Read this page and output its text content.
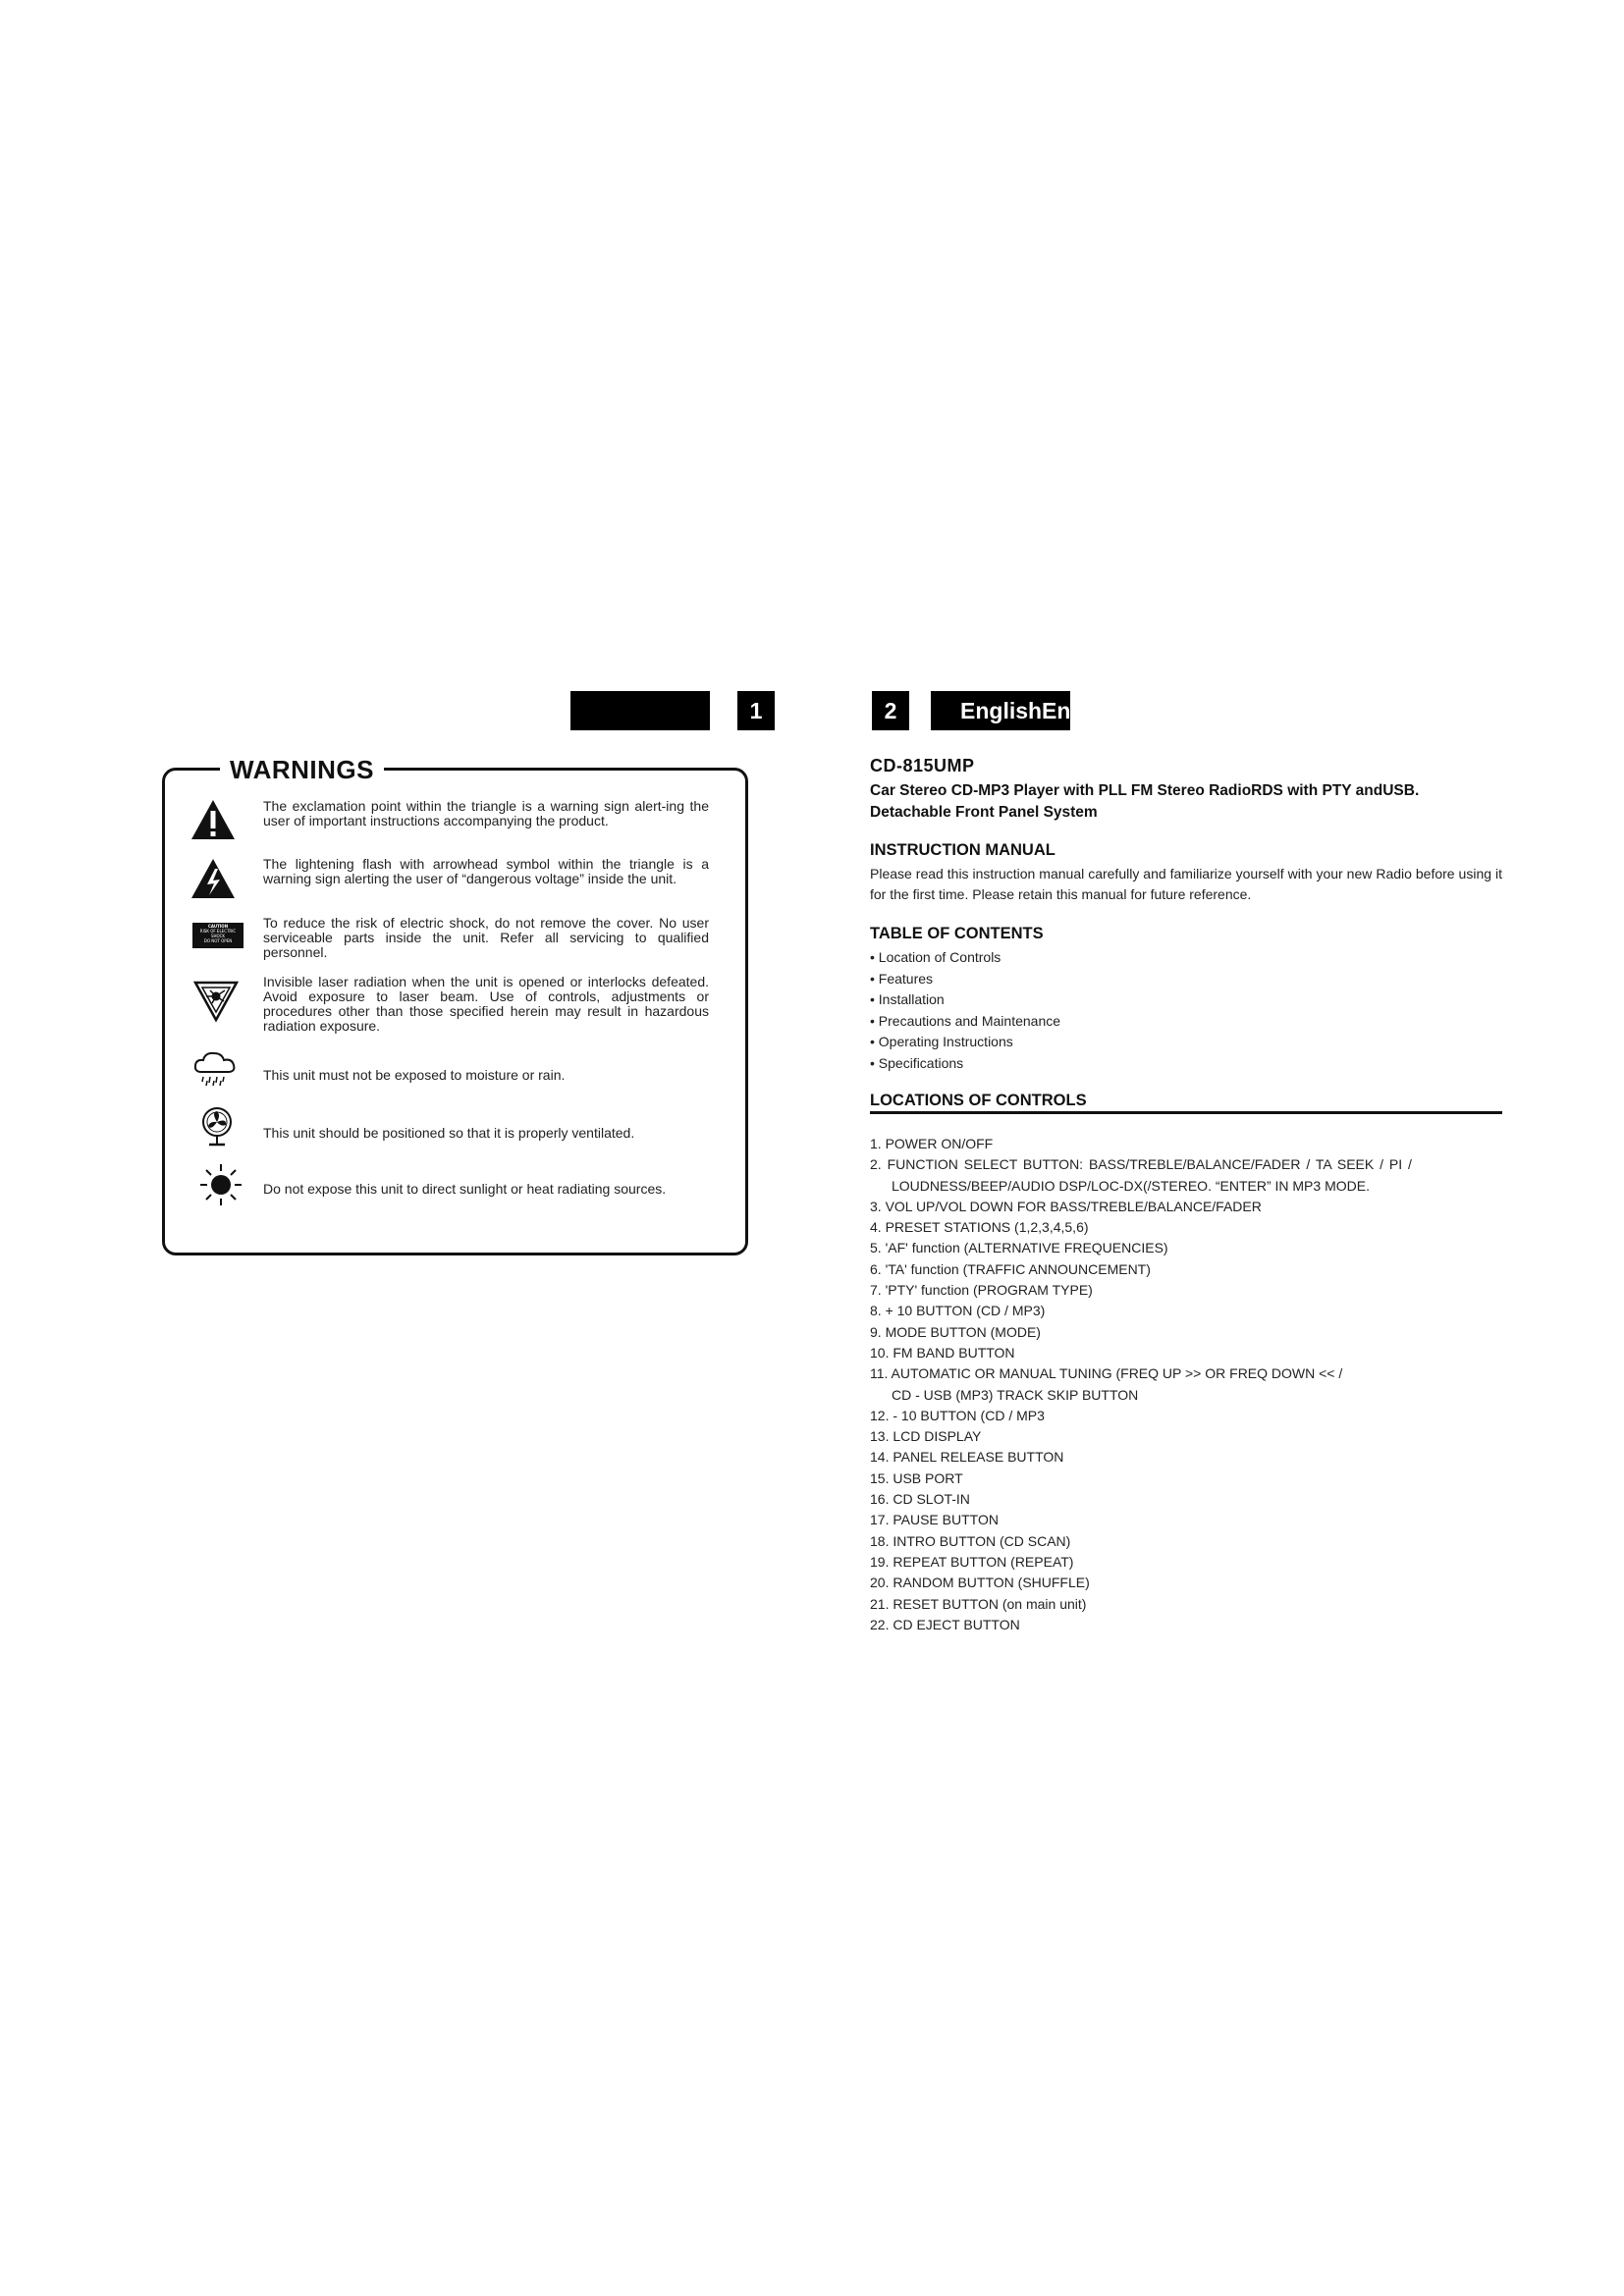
1	2	EnglishEng
WARNINGS
The exclamation point within the triangle is a warning sign alert-ing the user of important instructions accompanying the product.
The lightening flash with arrowhead symbol within the triangle is a warning sign alerting the user of “dangerous voltage” inside the unit.
CAUTION
RISK OF ELECTRIC
SHOCK
DO NOT OPEN
To reduce the risk of electric shock, do not remove the cover. No user serviceable parts inside the unit. Refer all servicing to qualified personnel.
Invisible laser radiation when the unit is opened or interlocks defeated. Avoid exposure to laser beam. Use of controls, adjustments or procedures other than those specified herein may result in hazardous radiation exposure.
This unit must not be exposed to moisture or rain.
This unit should be positioned so that it is properly ventilated.
Do not expose this unit to direct sunlight or heat radiating sources.
CD-815UMP
Car Stereo CD-MP3 Player with PLL FM Stereo RadioRDS with PTY andUSB.
Detachable Front Panel System
INSTRUCTION MANUAL
Please read this instruction manual carefully and familiarize yourself with your new Radio before using it for the first time. Please retain this manual for future reference.
TABLE OF CONTENTS
• Location of Controls
• Features
• Installation
• Precautions and Maintenance
• Operating Instructions
• Specifications
LOCATIONS OF CONTROLS
1. POWER ON/OFF
2. FUNCTION SELECT BUTTON: BASS/TREBLE/BALANCE/FADER / TA SEEK / PI /
LOUDNESS/BEEP/AUDIO DSP/LOC-DX(/STEREO. “ENTER” IN MP3 MODE.
3. VOL UP/VOL DOWN FOR BASS/TREBLE/BALANCE/FADER
4. PRESET STATIONS (1,2,3,4,5,6)
5. 'AF' function (ALTERNATIVE FREQUENCIES)
6. 'TA' function (TRAFFIC ANNOUNCEMENT)
7. 'PTY' function (PROGRAM TYPE)
8. + 10 BUTTON (CD / MP3)
9. MODE BUTTON (MODE)
10. FM BAND BUTTON
11. AUTOMATIC OR MANUAL TUNING (FREQ UP >> OR FREQ DOWN << /
CD - USB (MP3) TRACK SKIP BUTTON
12. - 10 BUTTON (CD / MP3
13. LCD DISPLAY
14. PANEL RELEASE BUTTON
15. USB PORT
16. CD SLOT-IN
17. PAUSE BUTTON
18. INTRO BUTTON (CD SCAN)
19. REPEAT BUTTON (REPEAT)
20. RANDOM BUTTON (SHUFFLE)
21. RESET BUTTON (on main unit)
22. CD EJECT BUTTON
